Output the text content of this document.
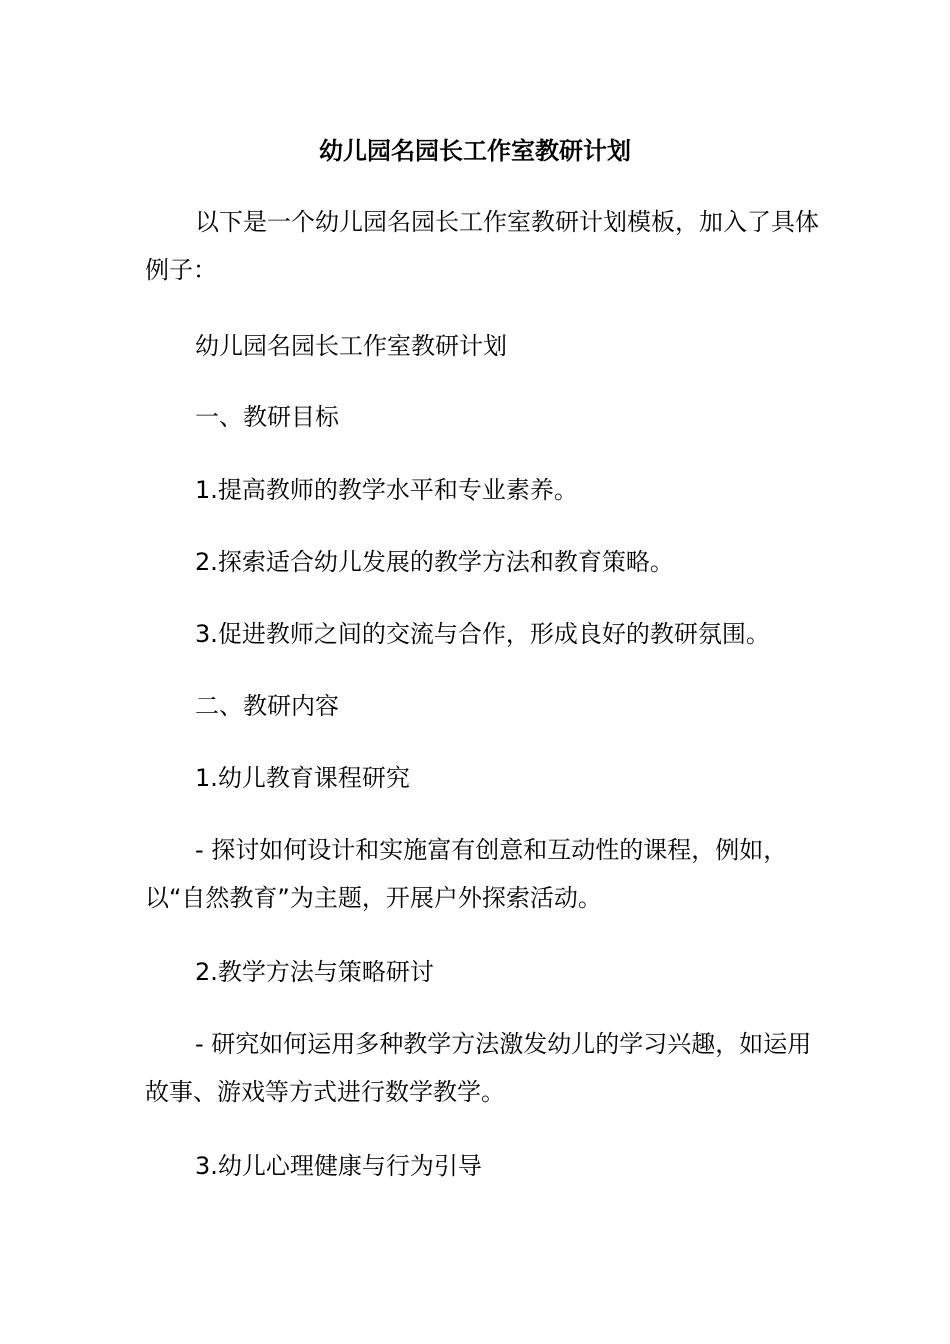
幼儿园名园长工作室教研计划

以下是一个幼儿园名园长工作室教研计划模板，加入了具体例子：

幼儿园名园长工作室教研计划

一、教研目标

1.提高教师的教学水平和专业素养。

2.探索适合幼儿发展的教学方法和教育策略。

3.促进教师之间的交流与合作，形成良好的教研氛围。

二、教研内容

1.幼儿教育课程研究

- 探讨如何设计和实施富有创意和互动性的课程，例如，以“自然教育”为主题，开展户外探索活动。

2.教学方法与策略研讨

- 研究如何运用多种教学方法激发幼儿的学习兴趣，如运用故事、游戏等方式进行数学教学。

3.幼儿心理健康与行为引导
